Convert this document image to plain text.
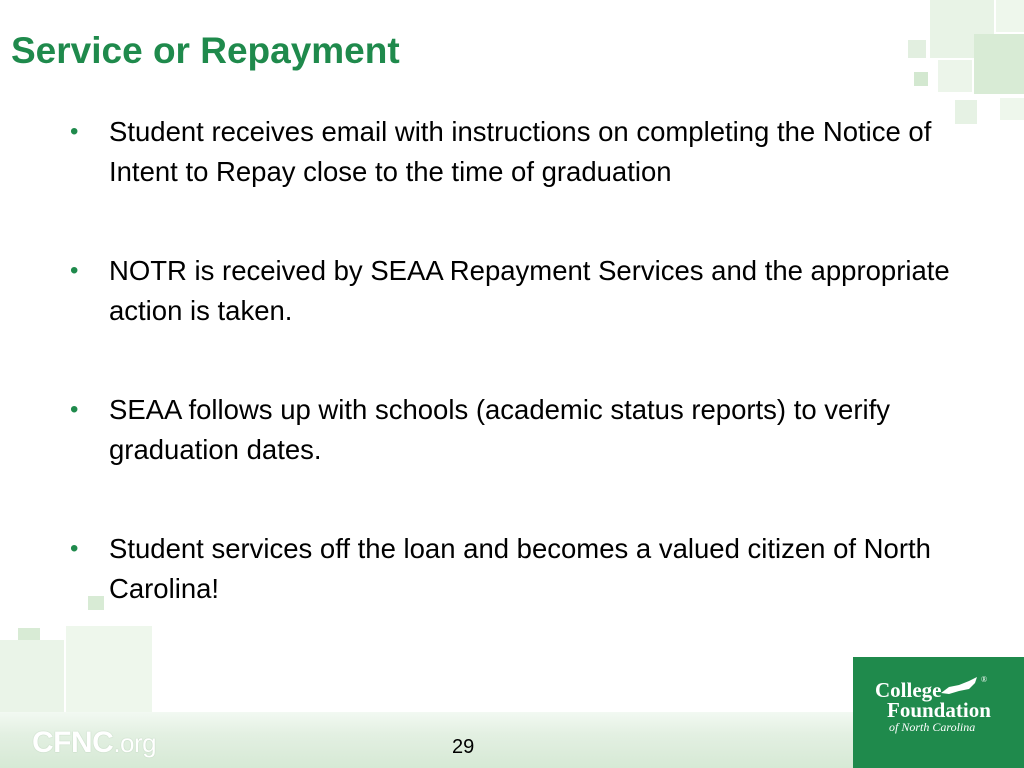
CFNC.org	29
College	®
Foundation
of North Carolina
Service or Repayment
• Student receives email with instructions on completing the Notice of Intent to Repay close to the time of graduation
• NOTR is received by SEAA Repayment Services and the appropriate action is taken.
• SEAA follows up with schools (academic status reports) to verify graduation dates.
• Student services off the loan and becomes a valued citizen of North Carolina!
